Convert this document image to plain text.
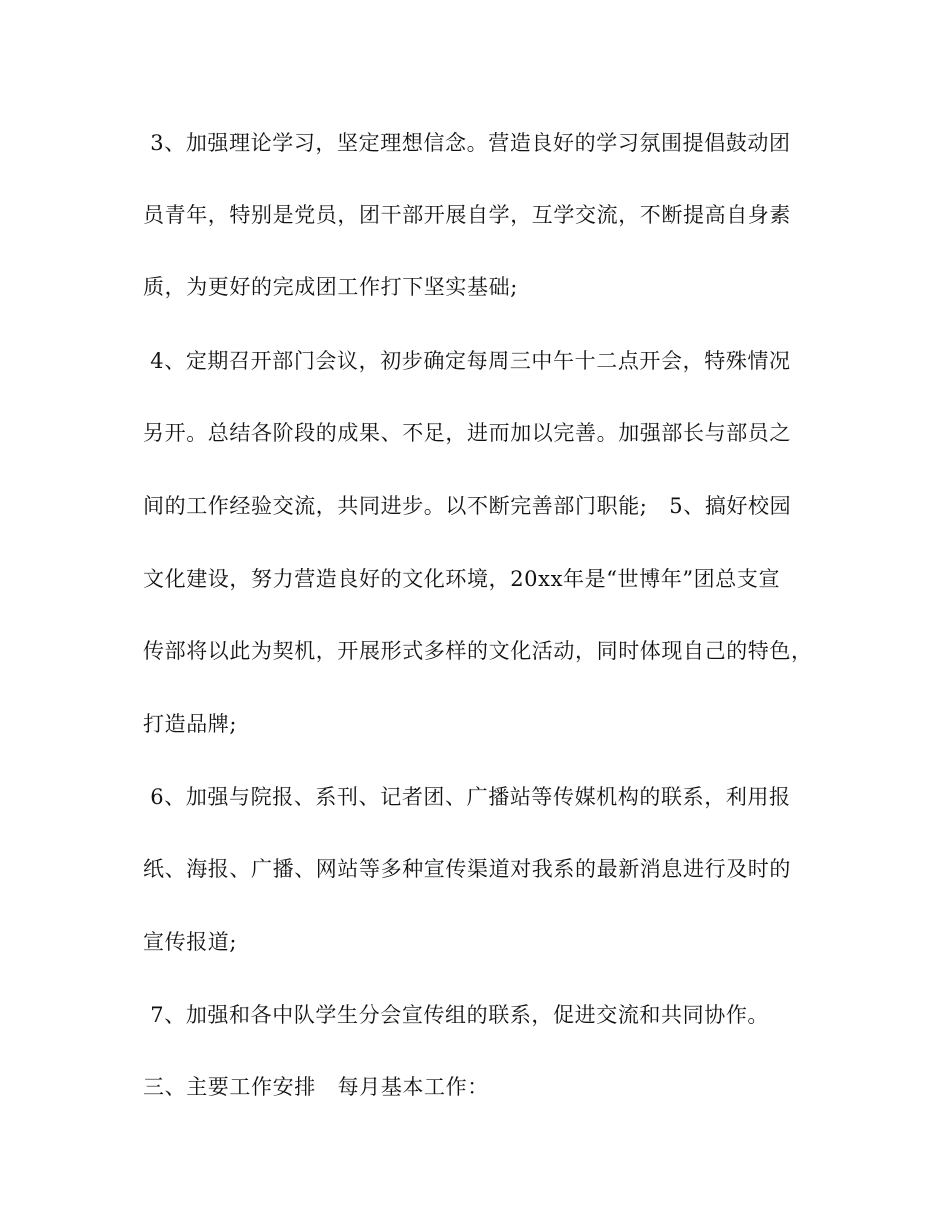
3、加强理论学习，坚定理想信念。营造良好的学习氛围提倡鼓动团
员青年，特别是党员，团干部开展自学，互学交流，不断提高自身素
质，为更好的完成团工作打下坚实基础;
4、定期召开部门会议，初步确定每周三中午十二点开会，特殊情况
另开。总结各阶段的成果、不足，进而加以完善。加强部长与部员之
间的工作经验交流，共同进步。以不断完善部门职能;   5、搞好校园
文化建设，努力营造良好的文化环境，20xx年是“世博年”团总支宣
传部将以此为契机，开展形式多样的文化活动，同时体现自己的特色，
打造品牌;
6、加强与院报、系刊、记者团、广播站等传媒机构的联系，利用报
纸、海报、广播、网站等多种宣传渠道对我系的最新消息进行及时的
宣传报道;
7、加强和各中队学生分会宣传组的联系，促进交流和共同协作。
三、主要工作安排   每月基本工作：
